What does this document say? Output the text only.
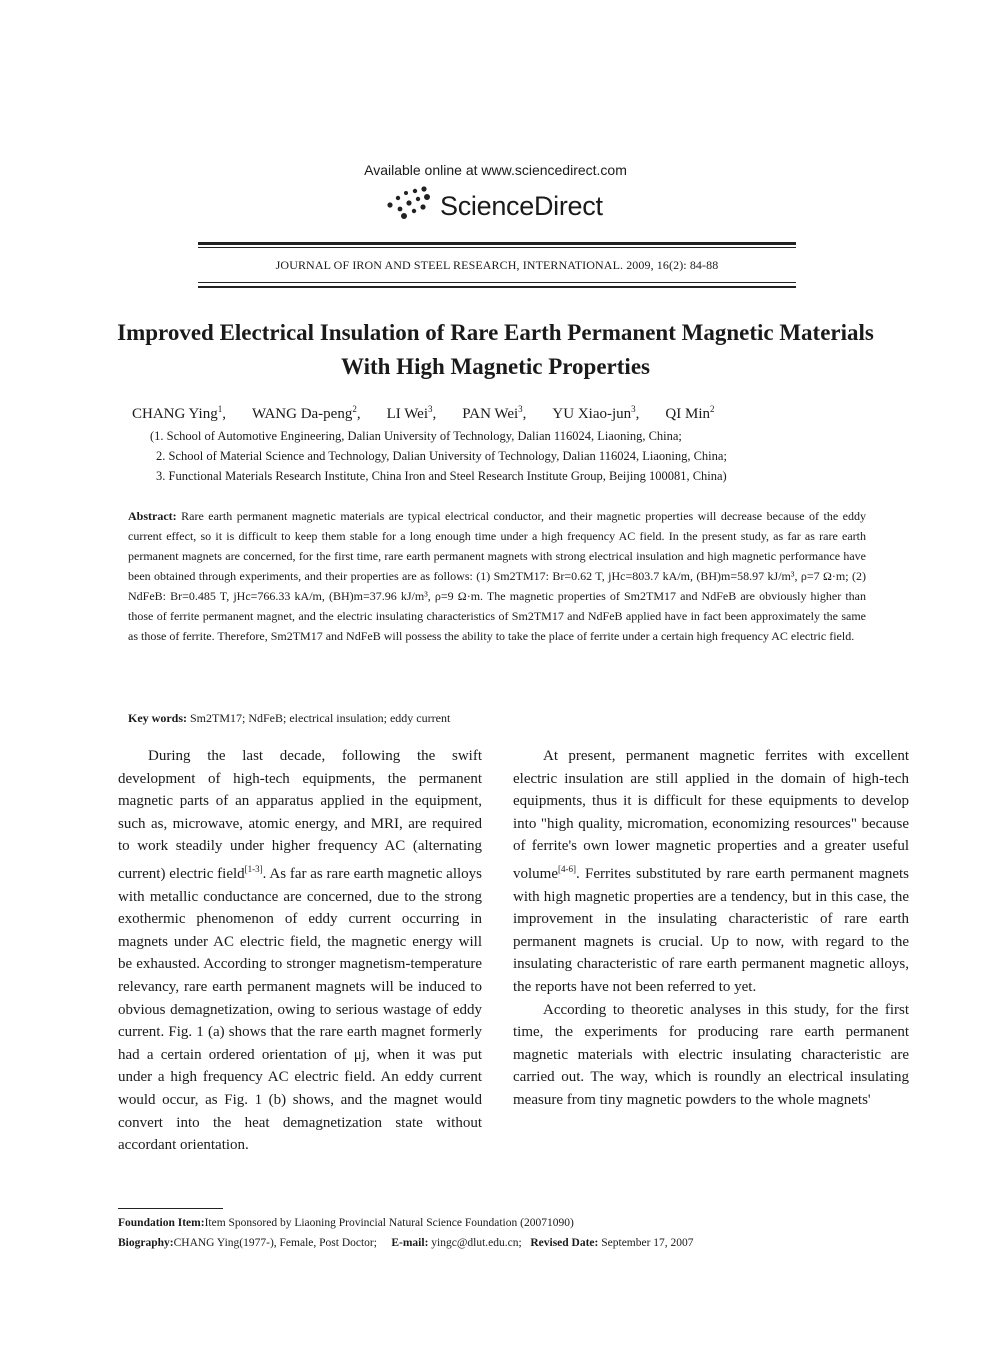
Available online at www.sciencedirect.com
ScienceDirect
JOURNAL OF IRON AND STEEL RESEARCH, INTERNATIONAL. 2009, 16(2): 84-88
Improved Electrical Insulation of Rare Earth Permanent Magnetic Materials With High Magnetic Properties
CHANG Ying$^1$, WANG Da-peng$^2$, LI Wei$^3$, PAN Wei$^3$, YU Xiao-jun$^3$, QI Min$^2$
(1. School of Automotive Engineering, Dalian University of Technology, Dalian 116024, Liaoning, China;
2. School of Material Science and Technology, Dalian University of Technology, Dalian 116024, Liaoning, China;
3. Functional Materials Research Institute, China Iron and Steel Research Institute Group, Beijing 100081, China)
Abstract: Rare earth permanent magnetic materials are typical electrical conductor, and their magnetic properties will decrease because of the eddy current effect, so it is difficult to keep them stable for a long enough time under a high frequency AC field. In the present study, as far as rare earth permanent magnets are concerned, for the first time, rare earth permanent magnets with strong electrical insulation and high magnetic performance have been obtained through experiments, and their properties are as follows: (1) Sm2TM17: Br=0.62 T, jHc=803.7 kA/m, (BH)m=58.97 kJ/m³, ρ=7 Ω·m; (2) NdFeB: Br=0.485 T, jHc=766.33 kA/m, (BH)m=37.96 kJ/m³, ρ=9 Ω·m. The magnetic properties of Sm2TM17 and NdFeB are obviously higher than those of ferrite permanent magnet, and the electric insulating characteristics of Sm2TM17 and NdFeB applied have in fact been approximately the same as those of ferrite. Therefore, Sm2TM17 and NdFeB will possess the ability to take the place of ferrite under a certain high frequency AC electric field.
Key words: Sm2TM17; NdFeB; electrical insulation; eddy current

During the last decade, following the swift development of high-tech equipments, the permanent magnetic parts of an apparatus applied in the equipment, such as, microwave, atomic energy, and MRI, are required to work steadily under higher frequency AC (alternating current) electric field[1-3]. As far as rare earth magnetic alloys with metallic conductance are concerned, due to the strong exothermic phenomenon of eddy current occurring in magnets under AC electric field, the magnetic energy will be exhausted. According to stronger magnetism-temperature relevancy, rare earth permanent magnets will be induced to obvious demagnetization, owing to serious wastage of eddy current. Fig. 1 (a) shows that the rare earth magnet formerly had a certain ordered orientation of μj, when it was put under a high frequency AC electric field. An eddy current would occur, as Fig. 1 (b) shows, and the magnet would convert into the heat demagnetization state without accordant orientation.

At present, permanent magnetic ferrites with excellent electric insulation are still applied in the domain of high-tech equipments, thus it is difficult for these equipments to develop into "high quality, micromation, economizing resources" because of ferrite's own lower magnetic properties and a greater useful volume[4-6]. Ferrites substituted by rare earth permanent magnets with high magnetic properties are a tendency, but in this case, the improvement in the insulating characteristic of rare earth permanent magnets is crucial. Up to now, with regard to the insulating characteristic of rare earth permanent magnetic alloys, the reports have not been referred to yet.

According to theoretic analyses in this study, for the first time, the experiments for producing rare earth permanent magnetic materials with electric insulating characteristic are carried out. The way, which is roundly an electrical insulating measure from tiny magnetic powders to the whole magnets'

Foundation Item:Item Sponsored by Liaoning Provincial Natural Science Foundation (20071090)
Biography:CHANG Ying(1977-), Female, Post Doctor; E-mail: yingc@dlut.edu.cn; Revised Date: September 17, 2007
